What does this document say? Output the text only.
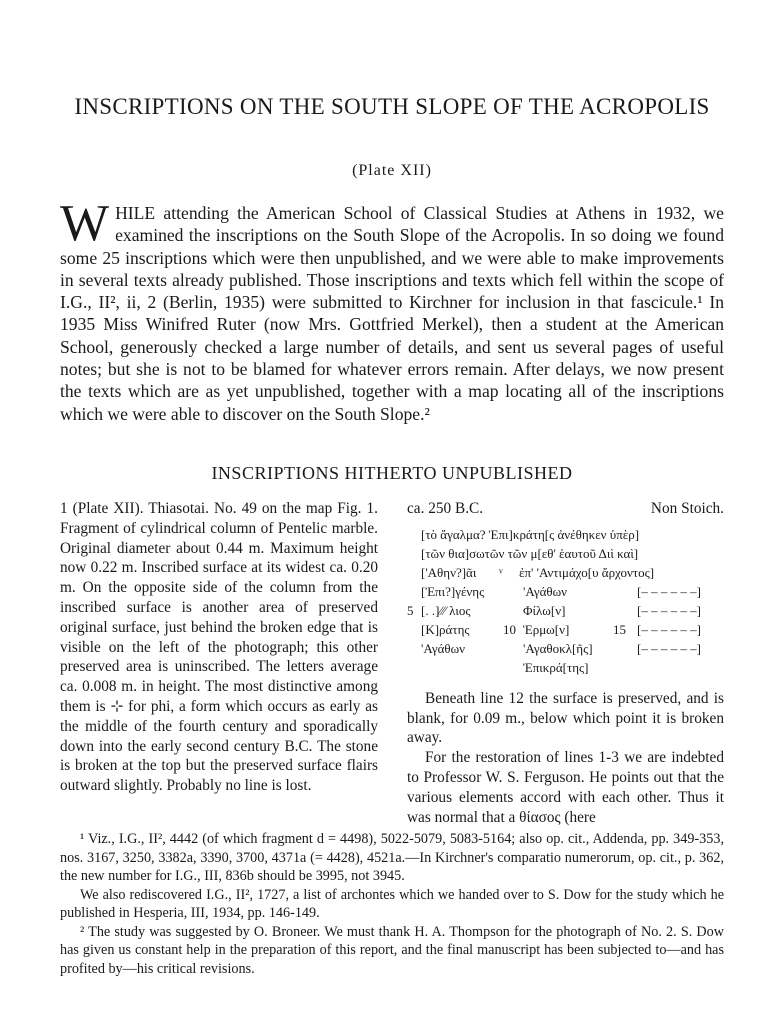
INSCRIPTIONS ON THE SOUTH SLOPE OF THE ACROPOLIS
(Plate XII)
W HILE attending the American School of Classical Studies at Athens in 1932, we examined the inscriptions on the South Slope of the Acropolis. In so doing we found some 25 inscriptions which were then unpublished, and we were able to make improvements in several texts already published. Those inscriptions and texts which fell within the scope of I.G., II², ii, 2 (Berlin, 1935) were submitted to Kirchner for inclusion in that fascicule.¹ In 1935 Miss Winifred Ruter (now Mrs. Gottfried Merkel), then a student at the American School, generously checked a large number of details, and sent us several pages of useful notes; but she is not to be blamed for whatever errors remain. After delays, we now present the texts which are as yet unpublished, together with a map locating all of the inscriptions which we were able to discover on the South Slope.²
INSCRIPTIONS HITHERTO UNPUBLISHED
1 (Plate XII). Thiasotai. No. 49 on the map Fig. 1. Fragment of cylindrical column of Pentelic marble. Original diameter about 0.44 m. Maximum height now 0.22 m. Inscribed surface at its widest ca. 0.20 m. On the opposite side of the column from the inscribed surface is another area of preserved original surface, just behind the broken edge that is visible on the left of the photograph; this other preserved area is uninscribed. The letters average ca. 0.008 m. in height. The most distinctive among them is ⊹ for phi, a form which occurs as early as the middle of the fourth century and sporadically down into the early second century B.C. The stone is broken at the top but the preserved surface flairs outward slightly. Probably no line is lost.
ca. 250 B.C.	Non Stoich.
[τὸ ἄγαλμα? Ἐπι]κράτη[ς ἀνέθηκεν ὑπὲρ]
[τῶν θια]σωτῶν τῶν μ[εθ' ἑαυτοῦ Διὶ καὶ]
['Αθην?]ᾶι ᵛ ἐπ' 'Αντιμάχο[υ ἄρχοντος]
[Ἐπι?]γένης	'Αγάθων	[– – – – – –]
5 [. .]⁄⁄⁄ λιος	Φίλω[ν]	[– – – – – –]
[Κ]ράτης	10 Ἑρμω[ν]	15 [– – – – – –]
'Αγάθων	'Αγαθοκλ[ῆς]	[– – – – – –]
Ἐπικρά[της]
Beneath line 12 the surface is preserved, and is blank, for 0.09 m., below which point it is broken away.
For the restoration of lines 1-3 we are indebted to Professor W. S. Ferguson. He points out that the various elements accord with each other. Thus it was normal that a θίασος (here

¹ Viz., I.G., II², 4442 (of which fragment d = 4498), 5022-5079, 5083-5164; also op. cit., Addenda, pp. 349-353, nos. 3167, 3250, 3382a, 3390, 3700, 4371a (= 4428), 4521a.—In Kirchner's comparatio numerorum, op. cit., p. 362, the new number for I.G., III, 836b should be 3995, not 3945.

We also rediscovered I.G., II², 1727, a list of archontes which we handed over to S. Dow for the study which he published in Hesperia, III, 1934, pp. 146-149.

² The study was suggested by O. Broneer. We must thank H. A. Thompson for the photograph of No. 2. S. Dow has given us constant help in the preparation of this report, and the final manuscript has been subjected to—and has profited by—his critical revisions.
